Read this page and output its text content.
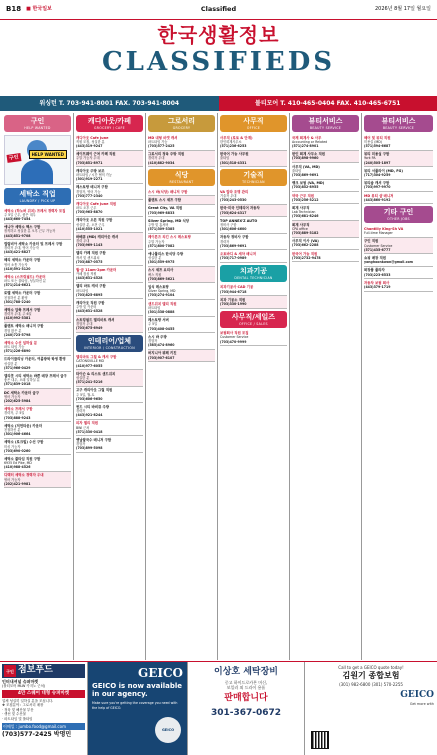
B18 ■ 한국일보	Classified	2026년 8월 17일 월요일
한국생활정보
CLASSIFIEDS
워싱턴 T. 703-941-8001 FAX. 703-941-8004	볼티모어 T. 410-465-0404 FAX. 410-465-6751
구인
HELP WANTED
구인	HELP WANTED
세탁소 직업
LAUNDRY / PICK UP

세탁소 (하노버 위치) 프레서 경력자 모집

주 5일 근무, 좋은 대우

(443)660-7454

애니아 세탁소 팩스 구함

정직하고 성실한 분 오후 근무 가능자

(443)851-9708

컬럼비아 세탁소 카운터 및 프레서 구함

경력자 우대, 영어 가능자

(443)421-8827

헤리 세탁소 카운터 구함

영어 소통 가능자

(410)591-3120

세탁소 (스프링필드) 카운터

파트 또는 풀타임, 성실하신 분

(571)214-6621

로렐 세탁소 카운터 구함

친절하신 분 환영

(301)788-2240

세탁소 압축 프레서 구함

경력자 우대, 주 6일

(410)992-3381

플랜트 세탁소 매니저 구함

경험 많은 분

(240)723-5798

세탁소 수선 일하실 분

파트 타임 가능

(571)226-6890

드라이클리닝 카운터, 여름방학 학생 환영

성실한 분

(571)966-0429

엘리콧 시티 세탁소 바쁜 매장 프레서 급구

좋은 대우, 오래 일하실 분

(571)839-2018

DC 세탁소 카운터 급구

영어 가능자

(202)625-3984

세탁소 프레서 구함

경력자, 주 5일

(703)888-9243

세탁소 (저먼타운) 카운터

친절하신 분

(301)906-4664

세탁소 (로크빌) 수선 구함

미싱 가능자

(703)690-0260

세탁소 풀타임 직원 구함

6935 Ed Pike, MD

(410)988-4526

디렉터 세탁소 경력자 우대

영어 가능자

(202)421-9981

캐디아웃/카페
GROCERY / CAFE

캐디아웃 Cafe June

직원 모집, 성실한 분

(443)319-9247

세이프웨이 근처 카페 직원

주말 가능자 우대

(703)851-8971

캐리아웃 주방 보조

파트타임 / 시간 협의 가능

(301)919-2271

레스토랑 매니저 구함

경험자, 영어 가능

(703)777-2340

캐디아웃 Cafe June 직원

파트 오후 근무

(703)963-8870

캐리아웃 오픈 직원 구함

성실한 분, 오전 근무

(410)555-1021

바베큐 (MD) 캐리아웃 캐셔

경력 우대

(703)969-1143

델리 카페 직원 구함

캐셔 및 샌드위치

(703)887-0575

월-금 11am-2pm 카운터

카페 점심 직원

(443)631-4528

델리 마트 캐셔 구함

파트타임

(703)825-6895

캐리아웃 직원 구함

주방 및 카운터

(443)631-4528

스트링필드 델리마트 캐셔

경험자 우대

(703)675-6949

인테리어/업체
INTERIOR / CONSTRUCTION

델리마트 그릴 & 캐셔 구함

CATONSVILLE MD

(410)977-6055

타이슨 & 리스트 샌드위치

성실한 분

(571)241-5216

고구 캐리아웃 그릴 직원

주 5일, 월-토

(703)606-9650

윈드 시티 바비큐 주방

경력자

(443)921-8244

피자 델리 직원

BWI 근처

(571)330-0418

옛날쌀국수 매니저 구함

경험자

(703)899-5098

그로서리
GROCERY

MD 대형 마켓 캐셔

파트타임 가능

(703)577-2425

그로서리 정육 주방 직원

경력자 우대

(410)882-9034

식당
RESTAURANT

스시 바(식당) 매니저 구함

플랜트 스시 셰프 구함

Great City, VA 직원

(703)969-8833

Silver Spring, MD 식당

주방 및 홀서버

(571)309-3385

레이튼즈 치킨 스시 레스토랑

주말 가능자

(571)800-7082

애나폴리스 한식당 주방

성실한 분

(301)559-6975

스시 셰프 요리사

팩스 직원

(703)869-3621

일식 레스토랑

Silver Spring, MD

(703)274-9104

샌드위치 델리 직원

파트타임

(301)338-0888

레스토랑 서버

주 5일

(703)408-0455

스시 바 주방

경험자

(585)474-8960

버지니아 뷔페 키친

(703)907-6107

사무직
OFFICE

사무직 (로토 & 단계)

한인회계사무소

(571)236-6253

한국어 가능 사무원

풀타임

(301)518-4331

기술직
TECHNICIAN

VA 칼라 조명 관리

기술자 우대

(703)243-0530

한국-미국 인테리어 자동차

(703)624-4317

TOP ANNEX'Z AUTO

정비사 구함

(301)606-4600

자동차 정비사 구함

경력자

(703)869-9691

오토바디 & 세차 매니저

(703)717-0989

치과기공
DENTAL TECHNICIAN

치과기공사 CAD 기공

(703)944-6718

치과 기공소 직원

(703)330-1990

사무직/세일즈
OFFICE / SALES

보험회사 직원 모집

Customer Service

(703)470-9999

뷰티서비스
BEAUTY SERVICE

국제 회계사 & 사무

Accounting or Related

(571)274-8901

한인 회계 사무소 직원

(703)898-9960

사무직 (VA, MD)

풀타임

(703)869-9691

뱅크 보험 (VA, MD)

(703)852-8955

약국 근무 직원

(703)256-3212

회계 사무직

Lab Technician

(703)681-8246

회계 사무직

CPA office

(703)889-3182

사무직 이사 (VA)

(703)662-2288

한국어 가능 직원

(703)2732-9478

뷰티서비스
BEAUTY SERVICE

헤어 및 뷰티 직원

미용실 (MD)

(571)594-6687

뷰티 미용실 구함

York PA

(240)505-1897

뷰티 서플라이 (MD, FG)

(717)304-9259

뷰티숍 캐셔 구함

(703)997-9970

MD 뷰티 샵 매니저

(443)860-9192

기타 구인
OTHER JOBS

Chantilly King-Sh VA

Full-time Manager

구인 직원

Customer Service

(571)435-6777

쇼핑 매장 직원

yonghoonkwon@gmail.com

화장품 플라자

(703)223-6533

자동차 보험 회사

(443)379-1719

구인 점보푸드

인터내셔널 슈퍼마켓

(볼티모어 MLW 카지노 근처)

4만 스퀘어 대형 슈퍼마켓

업체 성실히 일하실 분을 모십니다.

❖ 모집분야 : 그로서리 매장

· 정육 및 해산물 부문

· 생선 및 수산물

· 파트타임 및 풀타임

이메일 : jumbo.food@gmail.com
(703)577-2425 박명민
GEICO
GEICO is now available in our agency.
Make sure you're getting the coverage you need with the help of GEICO.
GEICO
이상호 세탁장비
중고 하이드로카본 머신,
보일러 외 드라이 용품
판매합니다
301-367-0672
Call to get a GEICO quote today!
김원기 종합보험
(301) 982-6800 (301) 570-2255
GEICO
Get more with
